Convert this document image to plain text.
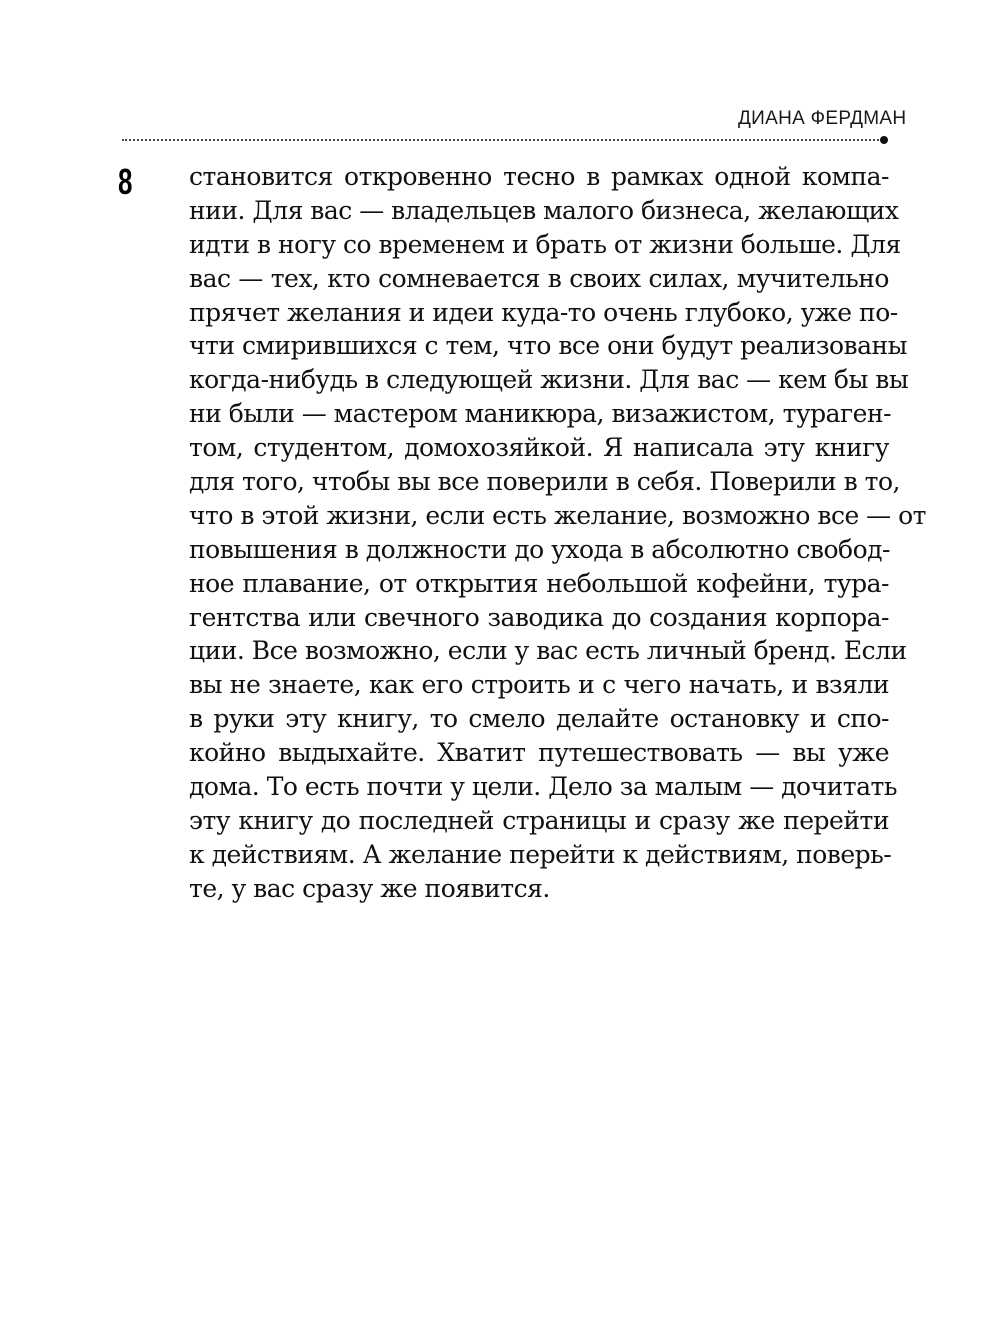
ДИАНА ФЕРДМАН
8 становится откровенно тесно в рамках одной компа-
нии. Для вас — владельцев малого бизнеса, желающих
идти в ногу со временем и брать от жизни больше. Для
вас — тех, кто сомневается в своих силах, мучительно
прячет желания и идеи куда-то очень глубоко, уже по-
чти смирившихся с тем, что все они будут реализованы
когда-нибудь в следующей жизни. Для вас — кем бы вы
ни были — мастером маникюра, визажистом, тураген-
том, студентом, домохозяйкой. Я написала эту книгу
для того, чтобы вы все поверили в себя. Поверили в то,
что в этой жизни, если есть желание, возможно все — от
повышения в должности до ухода в абсолютно свобод-
ное плавание, от открытия небольшой кофейни, тура-
гентства или свечного заводика до создания корпора-
ции. Все возможно, если у вас есть личный бренд. Если
вы не знаете, как его строить и с чего начать, и взяли
в руки эту книгу, то смело делайте остановку и спо-
койно выдыхайте. Хватит путешествовать — вы уже
дома. То есть почти у цели. Дело за малым — дочитать
эту книгу до последней страницы и сразу же перейти
к действиям. А желание перейти к действиям, поверь-
те, у вас сразу же появится.
